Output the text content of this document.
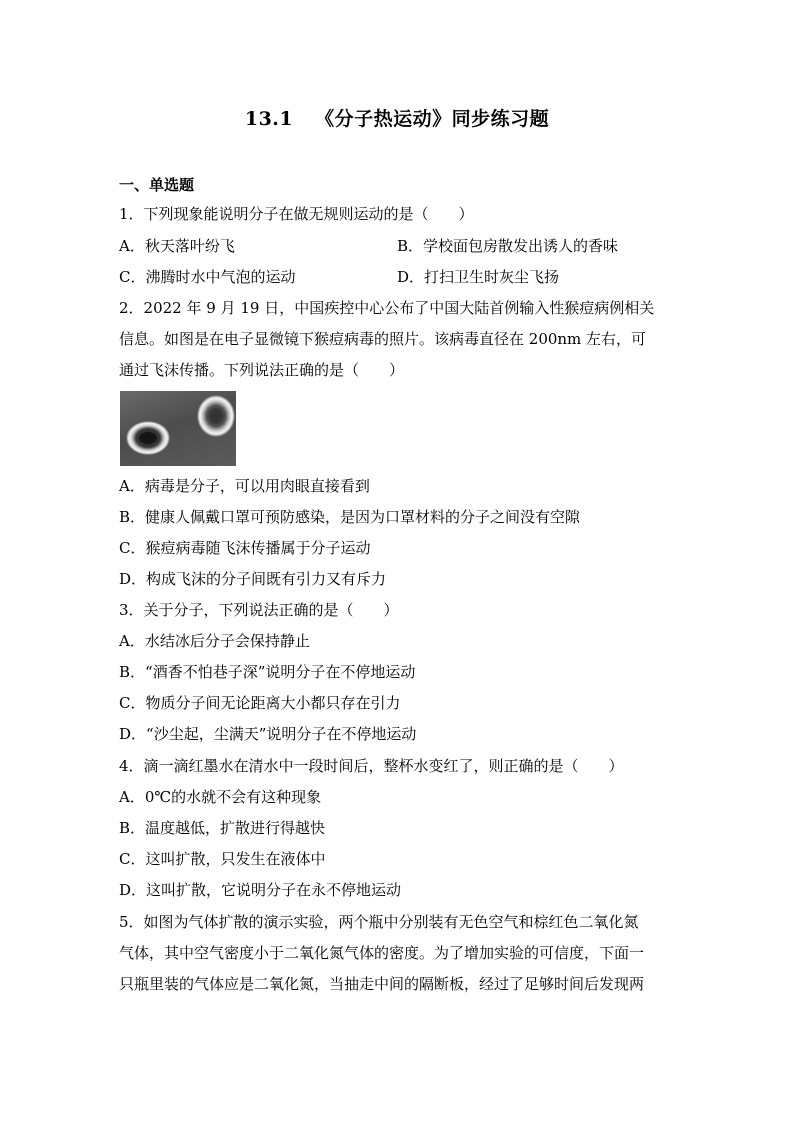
13.1 《分子热运动》同步练习题
一、单选题
1．下列现象能说明分子在做无规则运动的是（　　）
A．秋天落叶纷飞	B．学校面包房散发出诱人的香味
C．沸腾时水中气泡的运动	D．打扫卫生时灰尘飞扬
2．2022 年 9 月 19 日，中国疾控中心公布了中国大陆首例输入性猴痘病例相关
信息。如图是在电子显微镜下猴痘病毒的照片。该病毒直径在 200nm 左右，可
通过飞沫传播。下列说法正确的是（　　）
A．病毒是分子，可以用肉眼直接看到
B．健康人佩戴口罩可预防感染，是因为口罩材料的分子之间没有空隙
C．猴痘病毒随飞沫传播属于分子运动
D．构成飞沫的分子间既有引力又有斥力
3．关于分子，下列说法正确的是（　　）
A．水结冰后分子会保持静止
B．“酒香不怕巷子深”说明分子在不停地运动
C．物质分子间无论距离大小都只存在引力
D．“沙尘起，尘满天”说明分子在不停地运动
4．滴一滴红墨水在清水中一段时间后，整杯水变红了，则正确的是（　　）
A．0℃的水就不会有这种现象
B．温度越低，扩散进行得越快
C．这叫扩散，只发生在液体中
D．这叫扩散，它说明分子在永不停地运动
5．如图为气体扩散的演示实验，两个瓶中分别装有无色空气和棕红色二氧化氮
气体，其中空气密度小于二氧化氮气体的密度。为了增加实验的可信度，下面一
只瓶里装的气体应是二氧化氮，当抽走中间的隔断板，经过了足够时间后发现两
